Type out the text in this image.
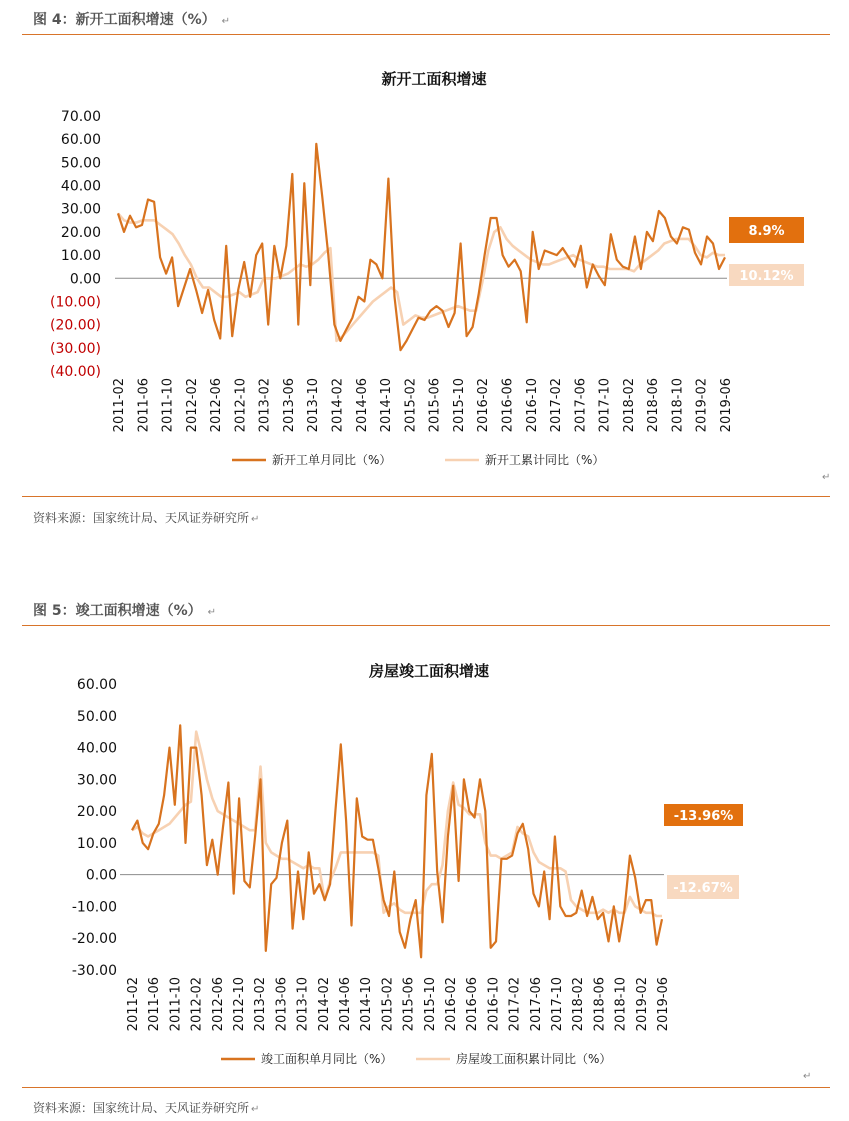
图 4：新开工面积增速（%） ↵
新开工面积增速
70.00
60.00
50.00
40.00
30.00
20.00
10.00
0.00
(10.00)
(20.00)
(30.00)
(40.00)
2011-02 2011-06 2011-10 2012-02 2012-06 2012-10 2013-02 2013-06 2013-10 2014-02 2014-06 2014-10 2015-02 2015-06 2015-10 2016-02 2016-06 2016-10 2017-02 2017-06 2017-10 2018-02 2018-06 2018-10 2019-02 2019-06
8.9%
10.12%
新开工单月同比（%）	新开工累计同比（%）
↵
资料来源：国家统计局、天风证券研究所 ↵
图 5：竣工面积增速（%） ↵
房屋竣工面积增速
60.00
50.00
40.00
30.00
20.00
10.00
0.00
-10.00
-20.00
-30.00
2011-02 2011-06 2011-10 2012-02 2012-06 2012-10 2013-02 2013-06 2013-10 2014-02 2014-06 2014-10 2015-02 2015-06 2015-10 2016-02 2016-06 2016-10 2017-02 2017-06 2017-10 2018-02 2018-06 2018-10 2019-02 2019-06
-13.96%
-12.67%
竣工面积单月同比（%）	房屋竣工面积累计同比（%）
↵
资料来源：国家统计局、天风证券研究所 ↵
